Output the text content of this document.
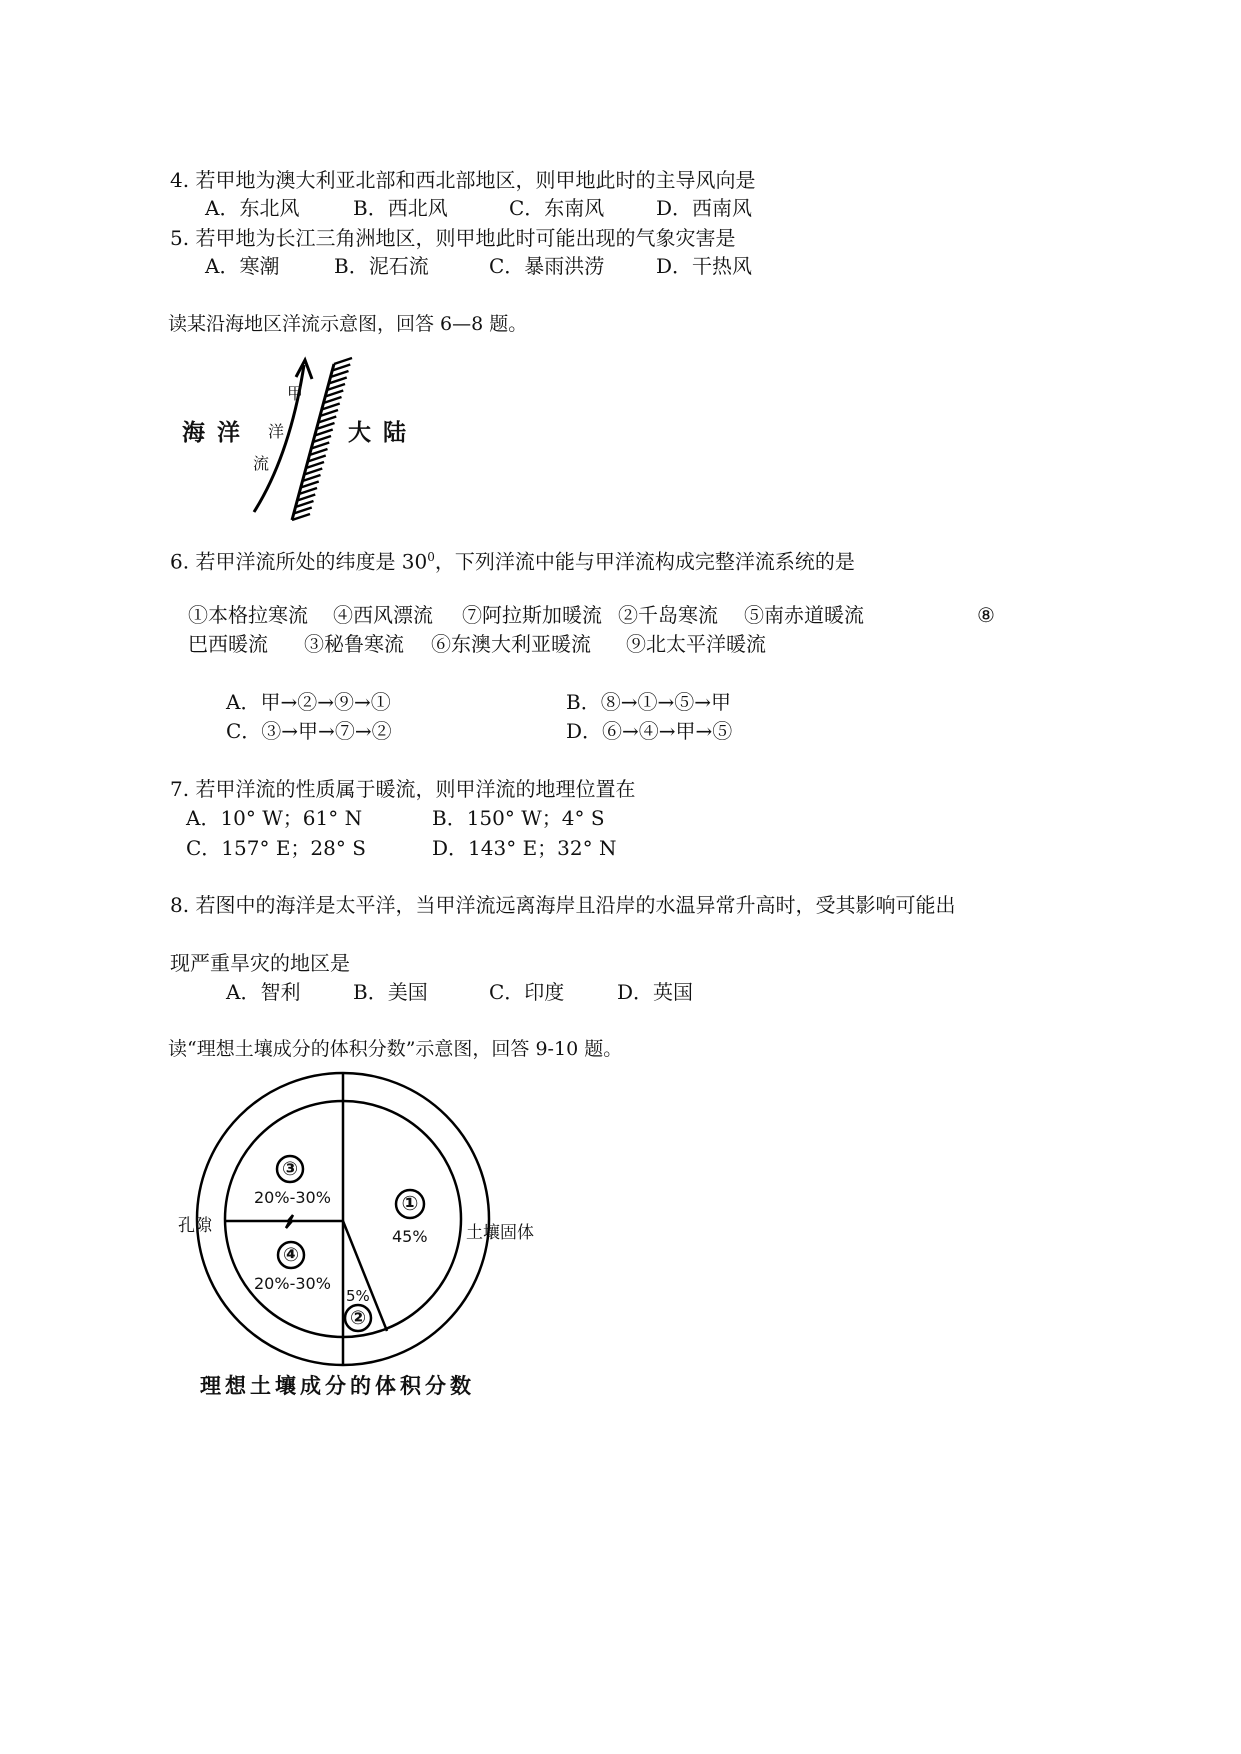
4. 若甲地为澳大利亚北部和西北部地区，则甲地此时的主导风向是
A．东北风	B．西北风	C．东南风	D．西南风
5. 若甲地为长江三角洲地区，则甲地此时可能出现的气象灾害是
A．寒潮	B．泥石流	C．暴雨洪涝	D．干热风
读某沿海地区洋流示意图，回答 6—8 题。
海 洋	大 陆
甲
洋
流
6. 若甲洋流所处的纬度是 $30^0$，下列洋流中能与甲洋流构成完整洋流系统的是
①本格拉寒流 ④西风漂流 ⑦阿拉斯加暖流 ②千岛寒流 ⑤南赤道暖流	⑧
巴西暖流 ③秘鲁寒流 ⑥东澳大利亚暖流 ⑨北太平洋暖流
A．甲→②→⑨→①	B．⑧→①→⑤→甲
C．③→甲→⑦→②	D．⑥→④→甲→⑤
7. 若甲洋流的性质属于暖流，则甲洋流的地理位置在
A．10° W；61° N	B．150° W；4° S
C．157° E；28° S	D．143° E；32° N
8. 若图中的海洋是太平洋，当甲洋流远离海岸且沿岸的水温异常升高时，受其影响可能出
现严重旱灾的地区是
A．智利	B．美国	C．印度	D．英国
读“理想土壤成分的体积分数”示意图，回答 9-10 题。
①
45%
③
20%-30%
④
20%-30%
5%
②
孔隙	土壤固体
理想土壤成分的体积分数
